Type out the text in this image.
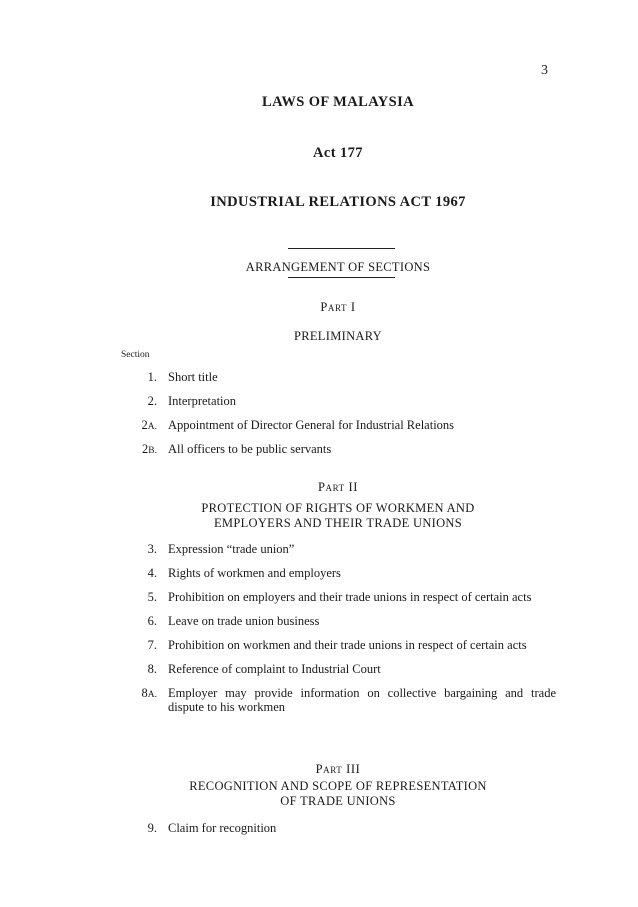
3
LAWS OF MALAYSIA
Act 177
INDUSTRIAL RELATIONS ACT 1967
ARRANGEMENT OF SECTIONS
Part I
PRELIMINARY
Section
1. Short title
2. Interpretation
2A. Appointment of Director General for Industrial Relations
2B. All officers to be public servants
Part II
PROTECTION OF RIGHTS OF WORKMEN AND
EMPLOYERS AND THEIR TRADE UNIONS
3. Expression “trade union”
4. Rights of workmen and employers
5. Prohibition on employers and their trade unions in respect of certain acts
6. Leave on trade union business
7. Prohibition on workmen and their trade unions in respect of certain acts
8. Reference of complaint to Industrial Court
8A. Employer may provide information on collective bargaining and trade dispute to his workmen
Part III
RECOGNITION AND SCOPE OF REPRESENTATION
OF TRADE UNIONS
9. Claim for recognition
